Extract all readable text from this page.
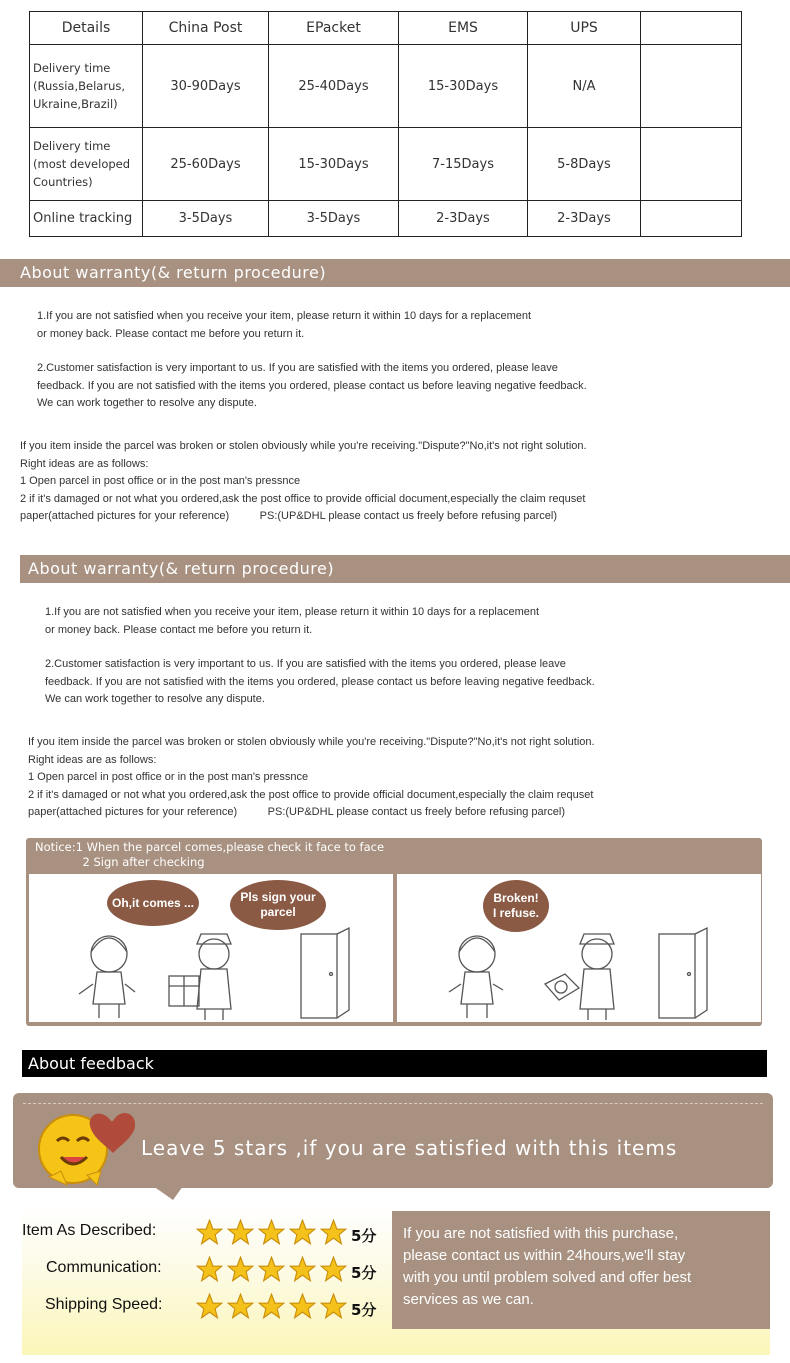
Details	China Post	EPacket	EMS	UPS	
Delivery time
(Russia,Belarus,
Ukraine,Brazil)	30-90Days	25-40Days	15-30Days	N/A	
Delivery time
(most developed
Countries)	25-60Days	15-30Days	7-15Days	5-8Days	
Online tracking	3-5Days	3-5Days	2-3Days	2-3Days	
About warranty(& return procedure)
1.If you are not satisfied when you receive your item, please return it within 10 days for a replacement
or money back. Please contact me before you return it.
2.Customer satisfaction is very important to us. If you are satisfied with the items you ordered, please leave
feedback. If you are not satisfied with the items you ordered, please contact us before leaving negative feedback.
We can work together to resolve any dispute.
If you item inside the parcel was broken or stolen obviously while you're receiving."Dispute?"No,it's not right solution.
Right ideas are as follows:
1 Open parcel in post office or in the post man's pressnce
2 if it's damaged or not what you ordered,ask the post office to provide official document,especially the claim requset
paper(attached pictures for your reference)          PS:(UP&DHL please contact us freely before refusing parcel)
About warranty(& return procedure)
1.If you are not satisfied when you receive your item, please return it within 10 days for a replacement
or money back. Please contact me before you return it.
2.Customer satisfaction is very important to us. If you are satisfied with the items you ordered, please leave
feedback. If you are not satisfied with the items you ordered, please contact us before leaving negative feedback.
We can work together to resolve any dispute.
If you item inside the parcel was broken or stolen obviously while you're receiving."Dispute?"No,it's not right solution.
Right ideas are as follows:
1 Open parcel in post office or in the post man's pressnce
2 if it's damaged or not what you ordered,ask the post office to provide official document,especially the claim requset
paper(attached pictures for your reference)          PS:(UP&DHL please contact us freely before refusing parcel)
Notice:1 When the parcel comes,please check it face to face
2 Sign after checking
Oh,it comes ...	Pls sign your
parcel
Broken!
I refuse.
About feedback
Leave 5 stars ,if you are satisfied with this items
Item As Described:	5分
Communication:	5分
Shipping Speed:	5分
If you are not satisfied with this purchase,
please contact us within 24hours,we'll stay
with you until problem solved and offer best
services as we can.
